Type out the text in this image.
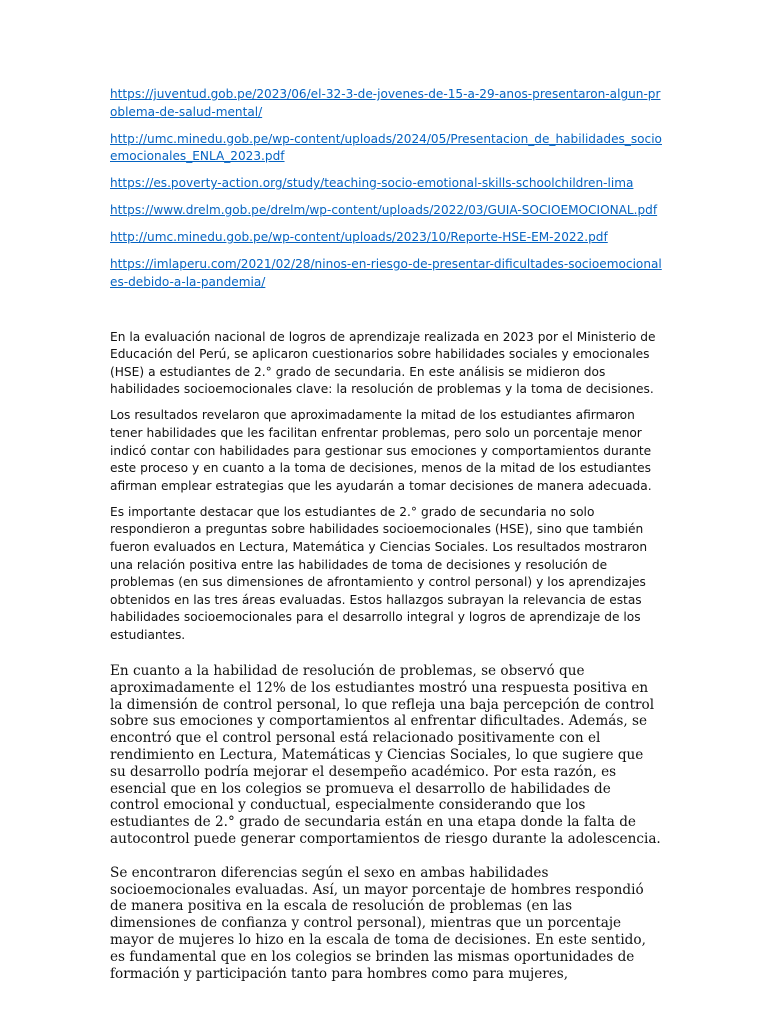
https://juventud.gob.pe/2023/06/el-32-3-de-jovenes-de-15-a-29-anos-presentaron-algun-problema-de-salud-mental/
http://umc.minedu.gob.pe/wp-content/uploads/2024/05/Presentacion_de_habilidades_socioemocionales_ENLA_2023.pdf
https://es.poverty-action.org/study/teaching-socio-emotional-skills-schoolchildren-lima
https://www.drelm.gob.pe/drelm/wp-content/uploads/2022/03/GUIA-SOCIOEMOCIONAL.pdf
http://umc.minedu.gob.pe/wp-content/uploads/2023/10/Reporte-HSE-EM-2022.pdf
https://imlaperu.com/2021/02/28/ninos-en-riesgo-de-presentar-dificultades-socioemocionales-debido-a-la-pandemia/

En la evaluación nacional de logros de aprendizaje realizada en 2023 por el Ministerio de Educación del Perú, se aplicaron cuestionarios sobre habilidades sociales y emocionales (HSE) a estudiantes de 2.° grado de secundaria. En este análisis se midieron dos habilidades socioemocionales clave: la resolución de problemas y la toma de decisiones.

Los resultados revelaron que aproximadamente la mitad de los estudiantes afirmaron tener habilidades que les facilitan enfrentar problemas, pero solo un porcentaje menor indicó contar con habilidades para gestionar sus emociones y comportamientos durante este proceso y en cuanto a la toma de decisiones, menos de la mitad de los estudiantes afirman emplear estrategias que les ayudarán a tomar decisiones de manera adecuada.

Es importante destacar que los estudiantes de 2.° grado de secundaria no solo respondieron a preguntas sobre habilidades socioemocionales (HSE), sino que también fueron evaluados en Lectura, Matemática y Ciencias Sociales. Los resultados mostraron una relación positiva entre las habilidades de toma de decisiones y resolución de problemas (en sus dimensiones de afrontamiento y control personal) y los aprendizajes obtenidos en las tres áreas evaluadas. Estos hallazgos subrayan la relevancia de estas habilidades socioemocionales para el desarrollo integral y logros de aprendizaje de los estudiantes.

En cuanto a la habilidad de resolución de problemas, se observó que aproximadamente el 12% de los estudiantes mostró una respuesta positiva en la dimensión de control personal, lo que refleja una baja percepción de control sobre sus emociones y comportamientos al enfrentar dificultades. Además, se encontró que el control personal está relacionado positivamente con el rendimiento en Lectura, Matemáticas y Ciencias Sociales, lo que sugiere que su desarrollo podría mejorar el desempeño académico. Por esta razón, es esencial que en los colegios se promueva el desarrollo de habilidades de control emocional y conductual, especialmente considerando que los estudiantes de 2.° grado de secundaria están en una etapa donde la falta de autocontrol puede generar comportamientos de riesgo durante la adolescencia.

Se encontraron diferencias según el sexo en ambas habilidades socioemocionales evaluadas. Así, un mayor porcentaje de hombres respondió de manera positiva en la escala de resolución de problemas (en las dimensiones de confianza y control personal), mientras que un porcentaje mayor de mujeres lo hizo en la escala de toma de decisiones. En este sentido, es fundamental que en los colegios se brinden las mismas oportunidades de formación y participación tanto para hombres como para mujeres,
